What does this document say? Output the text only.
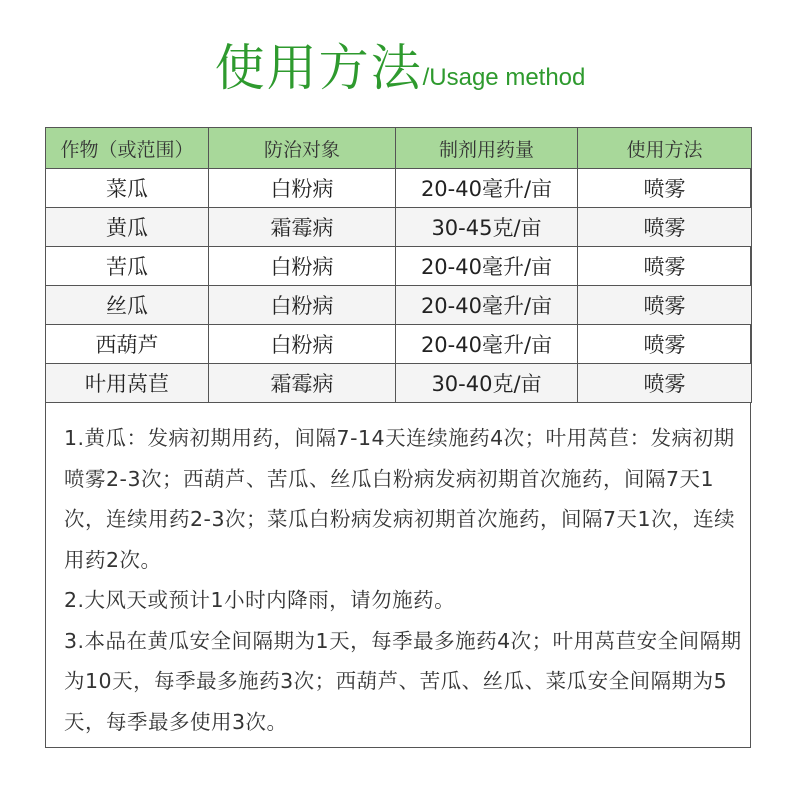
使用方法/Usage method
作物（或范围）	防治对象	制剂用药量	使用方法
菜瓜	白粉病	20-40毫升/亩	喷雾
黄瓜	霜霉病	30-45克/亩	喷雾
苦瓜	白粉病	20-40毫升/亩	喷雾
丝瓜	白粉病	20-40毫升/亩	喷雾
西葫芦	白粉病	20-40毫升/亩	喷雾
叶用莴苣	霜霉病	30-40克/亩	喷雾

1.黄瓜：发病初期用药，间隔7-14天连续施药4次；叶用莴苣：发病初期喷雾2-3次；西葫芦、苦瓜、丝瓜白粉病发病初期首次施药，间隔7天1次，连续用药2-3次；菜瓜白粉病发病初期首次施药，间隔7天1次，连续用药2次。

2.大风天或预计1小时内降雨，请勿施药。

3.本品在黄瓜安全间隔期为1天，每季最多施药4次；叶用莴苣安全间隔期为10天，每季最多施药3次；西葫芦、苦瓜、丝瓜、菜瓜安全间隔期为5天，每季最多使用3次。
